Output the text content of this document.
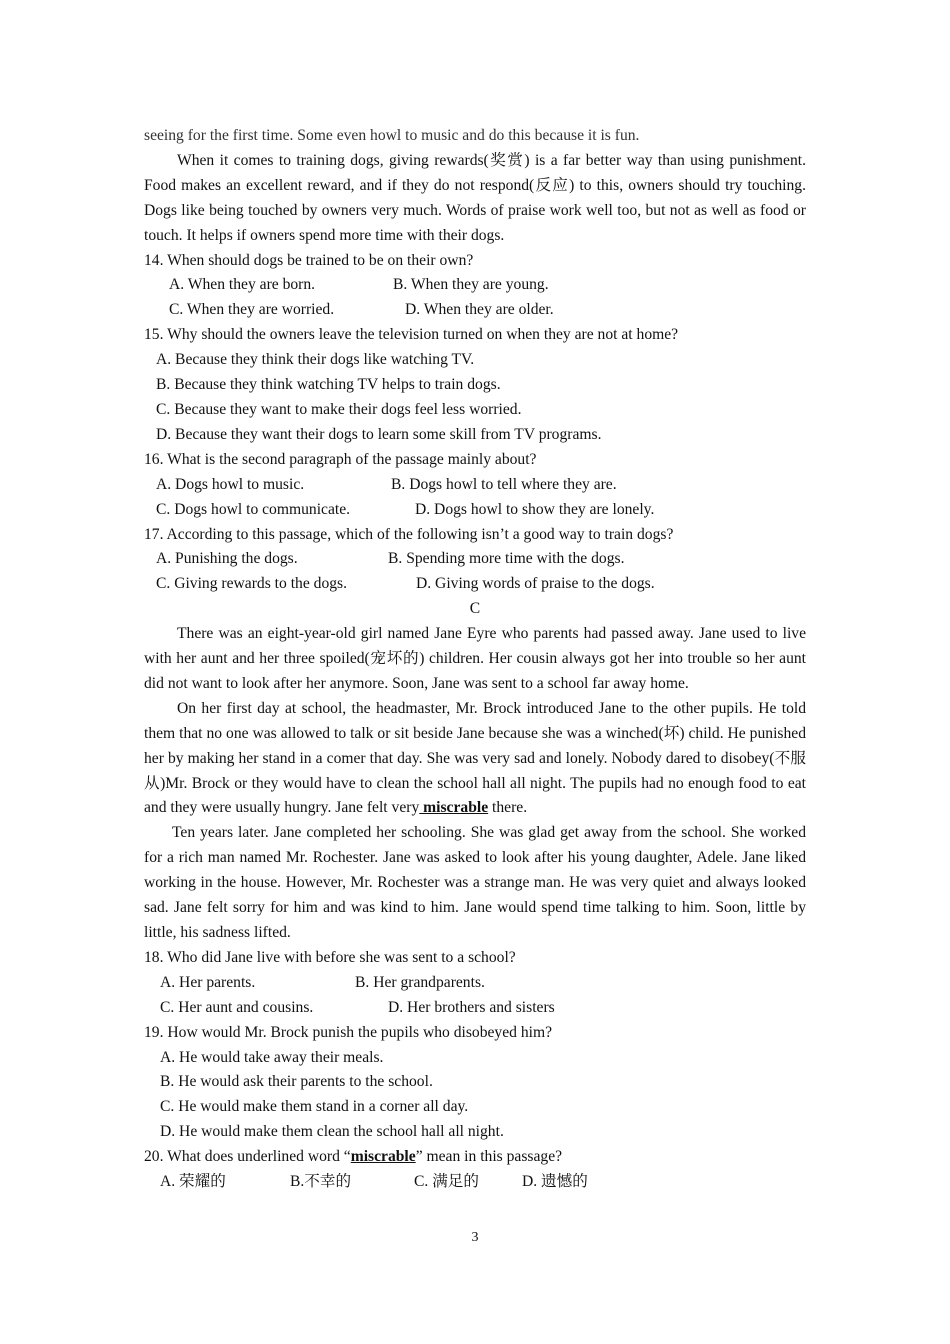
seeing for the first time. Some even howl to music and do this because it is fun.

When it comes to training dogs, giving rewards(奖赏) is a far better way than using punishment. Food makes an excellent reward, and if they do not respond(反应) to this, owners should try touching. Dogs like being touched by owners very much. Words of praise work well too, but not as well as food or touch. It helps if owners spend more time with their dogs.

14. When should dogs be trained to be on their own?

A. When they are born.	B. When they are young.
C. When they are worried.	D. When they are older.

15. Why should the owners leave the television turned on when they are not at home?

A. Because they think their dogs like watching TV.

B. Because they think watching TV helps to train dogs.

C. Because they want to make their dogs feel less worried.

D. Because they want their dogs to learn some skill from TV programs.

16. What is the second paragraph of the passage mainly about?

A. Dogs howl to music.	B. Dogs howl to tell where they are.
C. Dogs howl to communicate.	D. Dogs howl to show they are lonely.

17. According to this passage, which of the following isn’t a good way to train dogs?

A. Punishing the dogs.	B. Spending more time with the dogs.
C. Giving rewards to the dogs.	D. Giving words of praise to the dogs.

C

There was an eight-year-old girl named Jane Eyre who parents had passed away. Jane used to live with her aunt and her three spoiled(宠坏的) children. Her cousin always got her into trouble so her aunt did not want to look after her anymore. Soon, Jane was sent to a school far away home.

On her first day at school, the headmaster, Mr. Brock introduced Jane to the other pupils. He told them that no one was allowed to talk or sit beside Jane because she was a winched(坏) child. He punished her by making her stand in a comer that day. She was very sad and lonely. Nobody dared to disobey(不服从)Mr. Brock or they would have to clean the school hall all night. The pupils had no enough food to eat and they were usually hungry. Jane felt very miscrable there.

Ten years later. Jane completed her schooling. She was glad get away from the school. She worked for a rich man named Mr. Rochester. Jane was asked to look after his young daughter, Adele. Jane liked working in the house. However, Mr. Rochester was a strange man. He was very quiet and always looked sad. Jane felt sorry for him and was kind to him. Jane would spend time talking to him. Soon, little by little, his sadness lifted.

18. Who did Jane live with before she was sent to a school?

A. Her parents.	B. Her grandparents.
C. Her aunt and cousins.	D. Her brothers and sisters

19. How would Mr. Brock punish the pupils who disobeyed him?

A. He would take away their meals.

B. He would ask their parents to the school.

C. He would make them stand in a corner all day.

D. He would make them clean the school hall all night.

20. What does underlined word “miscrable” mean in this passage?

A. 荣耀的	B.不幸的	C. 满足的	D. 遗憾的
3
